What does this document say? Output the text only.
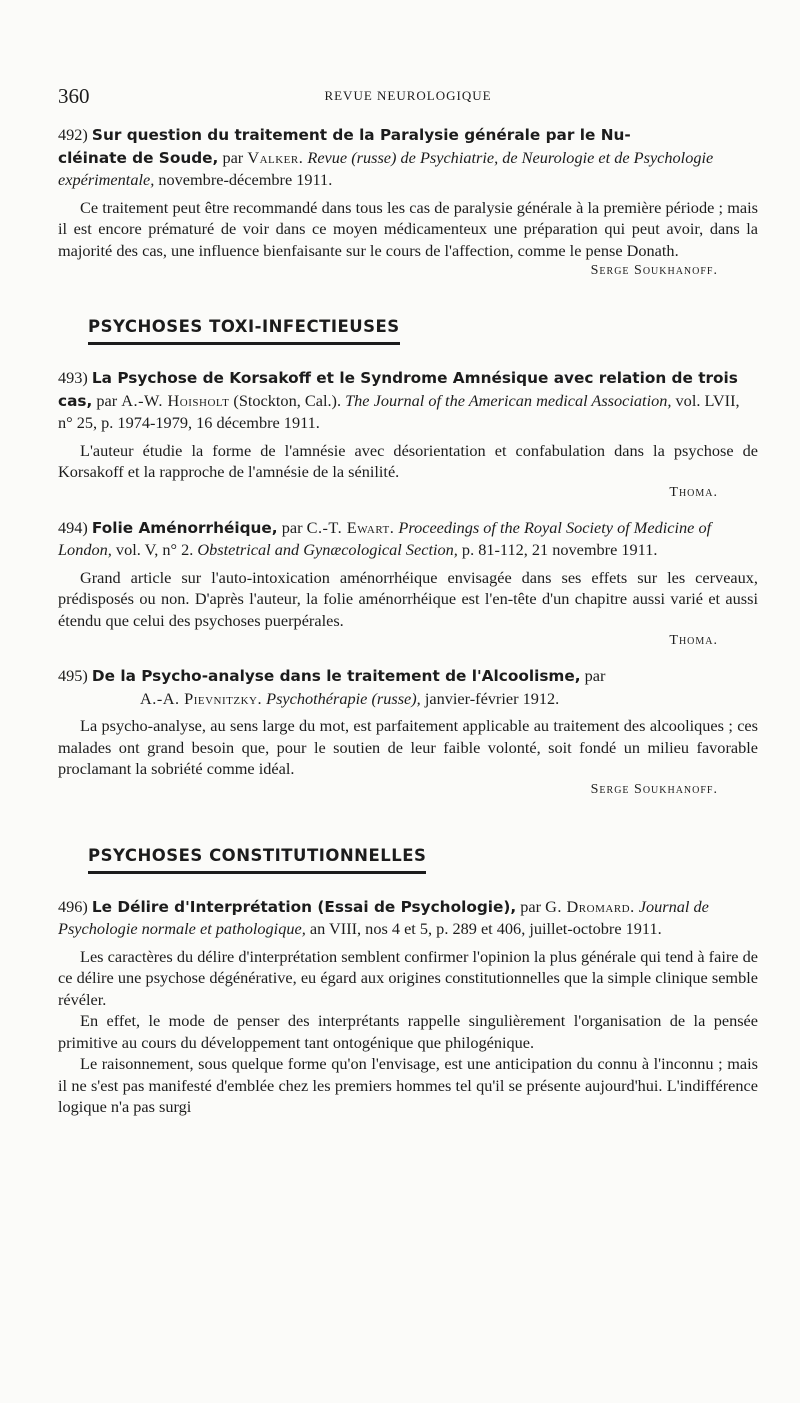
360	REVUE NEUROLOGIQUE

492) Sur question du traitement de la Paralysie générale par le Nu-
cléinate de Soude, par Valker. Revue (russe) de Psychiatrie, de Neurologie et de Psychologie expérimentale, novembre-décembre 1911.

Ce traitement peut être recommandé dans tous les cas de paralysie générale à la première période ; mais il est encore prématuré de voir dans ce moyen médicamenteux une préparation qui peut avoir, dans la majorité des cas, une influence bienfaisante sur le cours de l'affection, comme le pense Donath.

Serge Soukhanoff.

PSYCHOSES TOXI-INFECTIEUSES

493) La Psychose de Korsakoff et le Syndrome Amnésique avec relation de trois cas, par A.-W. Hoisholt (Stockton, Cal.). The Journal of the American medical Association, vol. LVII, n° 25, p. 1974-1979, 16 décembre 1911.

L'auteur étudie la forme de l'amnésie avec désorientation et confabulation dans la psychose de Korsakoff et la rapproche de l'amnésie de la sénilité.

Thoma.

494) Folie Aménorrhéique, par C.-T. Ewart. Proceedings of the Royal Society of Medicine of London, vol. V, n° 2. Obstetrical and Gynæcological Section, p. 81-112, 21 novembre 1911.

Grand article sur l'auto-intoxication aménorrhéique envisagée dans ses effets sur les cerveaux, prédisposés ou non. D'après l'auteur, la folie aménorrhéique est l'en-tête d'un chapitre aussi varié et aussi étendu que celui des psychoses puerpérales.

Thoma.

495) De la Psycho-analyse dans le traitement de l'Alcoolisme, par
A.-A. Pievnitzky. Psychothérapie (russe), janvier-février 1912.

La psycho-analyse, au sens large du mot, est parfaitement applicable au traitement des alcooliques ; ces malades ont grand besoin que, pour le soutien de leur faible volonté, soit fondé un milieu favorable proclamant la sobriété comme idéal.

Serge Soukhanoff.

PSYCHOSES CONSTITUTIONNELLES

496) Le Délire d'Interprétation (Essai de Psychologie), par G. Dromard. Journal de Psychologie normale et pathologique, an VIII, nos 4 et 5, p. 289 et 406, juillet-octobre 1911.

Les caractères du délire d'interprétation semblent confirmer l'opinion la plus générale qui tend à faire de ce délire une psychose dégénérative, eu égard aux origines constitutionnelles que la simple clinique semble révéler.

En effet, le mode de penser des interprétants rappelle singulièrement l'organisation de la pensée primitive au cours du développement tant ontogénique que philogénique.

Le raisonnement, sous quelque forme qu'on l'envisage, est une anticipation du connu à l'inconnu ; mais il ne s'est pas manifesté d'emblée chez les premiers hommes tel qu'il se présente aujourd'hui. L'indifférence logique n'a pas surgi
